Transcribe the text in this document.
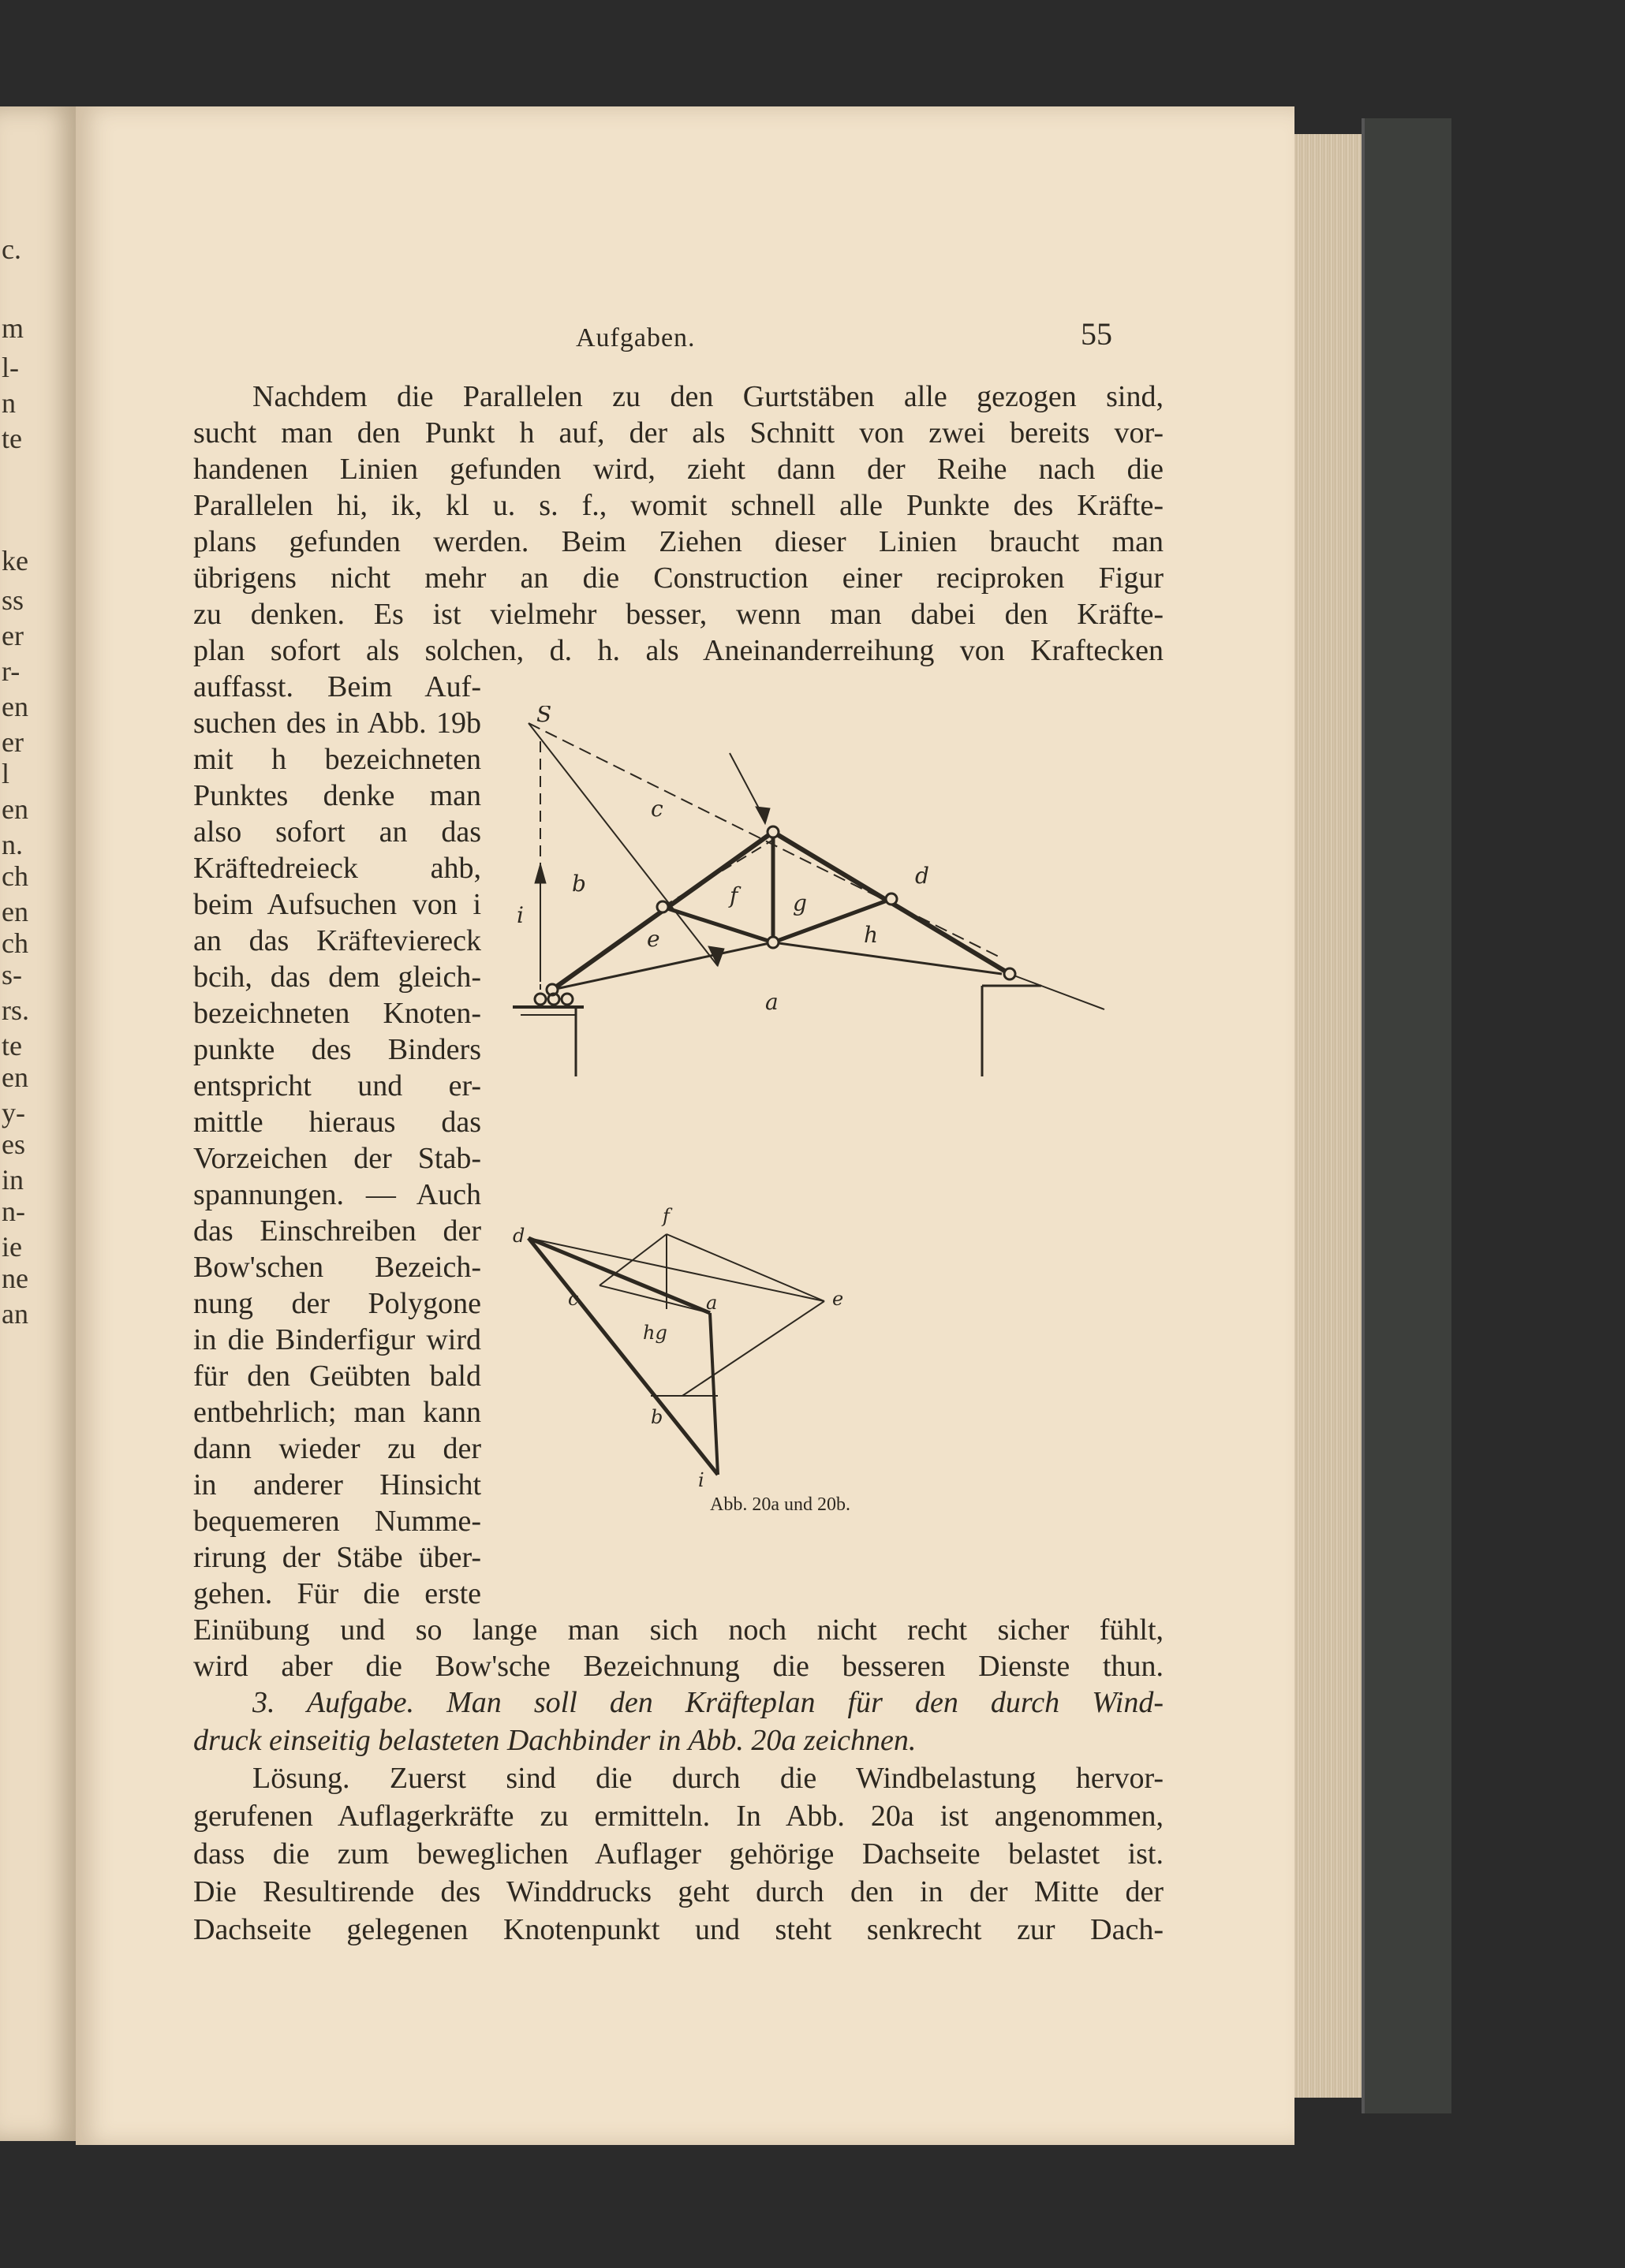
c.
m
l-
n
te
ke
ss
er
r-
en
er
l
en
n.
ch
en
ch
s-
rs.
te
en
y-
es
in
n-
ie
ne
an
Aufgaben.	55
Nachdem die Parallelen zu den Gurtstäben alle gezogen sind,
sucht man den Punkt h auf, der als Schnitt von zwei bereits vor-
handenen Linien gefunden wird, zieht dann der Reihe nach die
Parallelen hi, ik, kl u. s. f., womit schnell alle Punkte des Kräfte-
plans gefunden werden. Beim Ziehen dieser Linien braucht man
übrigens nicht mehr an die Construction einer reciproken Figur
zu denken. Es ist vielmehr besser, wenn man dabei den Kräfte-
plan sofort als solchen, d. h. als Aneinanderreihung von Kraftecken
auffasst. Beim Auf-
suchen des in Abb. 19b
mit h bezeichneten
Punktes denke man
also sofort an das
Kräftedreieck ahb,
beim Aufsuchen von i
an das Kräfteviereck
bcih, das dem gleich-
bezeichneten Knoten-
punkte des Binders
entspricht und er-
mittle hieraus das
Vorzeichen der Stab-
spannungen. — Auch
das Einschreiben der
Bow'schen Bezeich-
nung der Polygone
in die Binderfigur wird
für den Geübten bald
entbehrlich; man kann
dann wieder zu der
in anderer Hinsicht
bequemeren Numme-
rirung der Stäbe über-
gehen. Für die erste
Einübung und so lange man sich noch nicht recht sicher fühlt,
wird aber die Bow'sche Bezeichnung die besseren Dienste thun.
3. Aufgabe. Man soll den Kräfteplan für den durch Wind-
druck einseitig belasteten Dachbinder in Abb. 20a zeichnen.
Lösung. Zuerst sind die durch die Windbelastung hervor-
gerufenen Auflagerkräfte zu ermitteln. In Abb. 20a ist angenommen,
dass die zum beweglichen Auflager gehörige Dachseite belastet ist.
Die Resultirende des Winddrucks geht durch den in der Mitte der
Dachseite gelegenen Knotenpunkt und steht senkrecht zur Dach-
S
c
b
i
f g
d
e	h
a
f
d
c	a	e
hg
b
i
Abb. 20a und 20b.
